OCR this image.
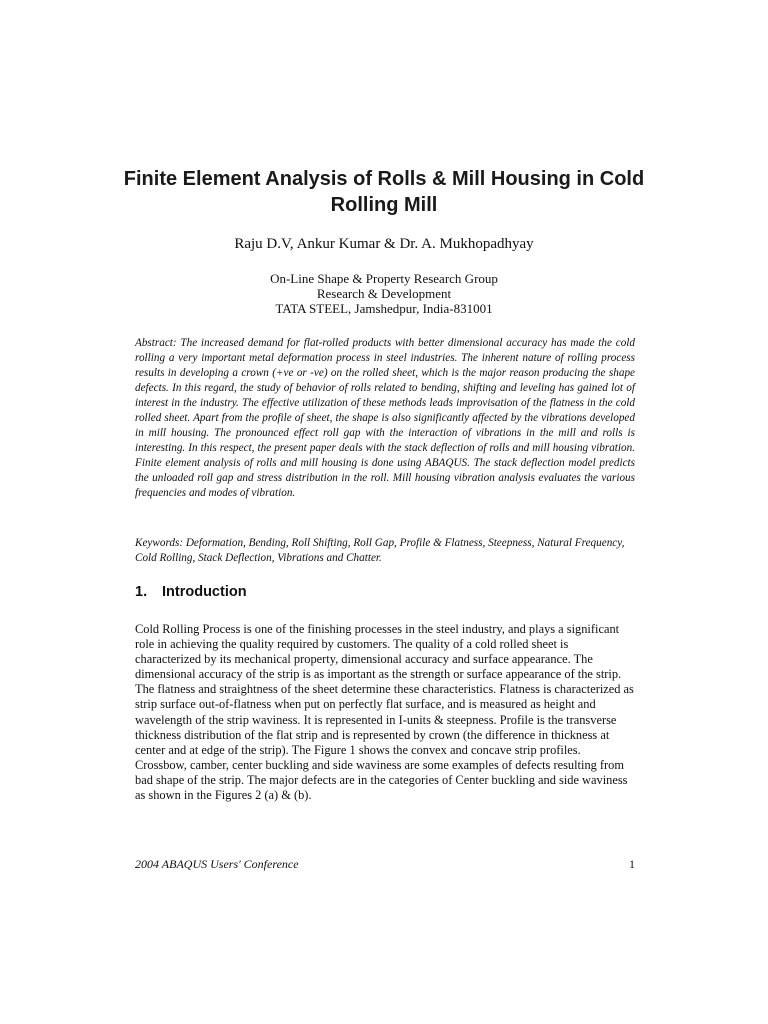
Finite Element Analysis of Rolls & Mill Housing in Cold Rolling Mill
Raju D.V, Ankur Kumar & Dr. A. Mukhopadhyay
On-Line Shape & Property Research Group
Research & Development
TATA STEEL, Jamshedpur, India-831001
Abstract: The increased demand for flat-rolled products with better dimensional accuracy has made the cold rolling a very important metal deformation process in steel industries. The inherent nature of rolling process results in developing a crown (+ve or -ve) on the rolled sheet, which is the major reason producing the shape defects. In this regard, the study of behavior of rolls related to bending, shifting and leveling has gained lot of interest in the industry. The effective utilization of these methods leads improvisation of the flatness in the cold rolled sheet. Apart from the profile of sheet, the shape is also significantly affected by the vibrations developed in mill housing. The pronounced effect roll gap with the interaction of vibrations in the mill and rolls is interesting. In this respect, the present paper deals with the stack deflection of rolls and mill housing vibration. Finite element analysis of rolls and mill housing is done using ABAQUS. The stack deflection model predicts the unloaded roll gap and stress distribution in the roll. Mill housing vibration analysis evaluates the various frequencies and modes of vibration.
Keywords: Deformation, Bending, Roll Shifting, Roll Gap, Profile & Flatness, Steepness, Natural Frequency, Cold Rolling, Stack Deflection, Vibrations and Chatter.
1. Introduction
Cold Rolling Process is one of the finishing processes in the steel industry, and plays a significant role in achieving the quality required by customers. The quality of a cold rolled sheet is characterized by its mechanical property, dimensional accuracy and surface appearance. The dimensional accuracy of the strip is as important as the strength or surface appearance of the strip. The flatness and straightness of the sheet determine these characteristics. Flatness is characterized as strip surface out-of-flatness when put on perfectly flat surface, and is measured as height and wavelength of the strip waviness. It is represented in I-units & steepness. Profile is the transverse thickness distribution of the flat strip and is represented by crown (the difference in thickness at center and at edge of the strip). The Figure 1 shows the convex and concave strip profiles. Crossbow, camber, center buckling and side waviness are some examples of defects resulting from bad shape of the strip. The major defects are in the categories of Center buckling and side waviness as shown in the Figures 2 (a) & (b).
2004 ABAQUS Users' Conference	1
